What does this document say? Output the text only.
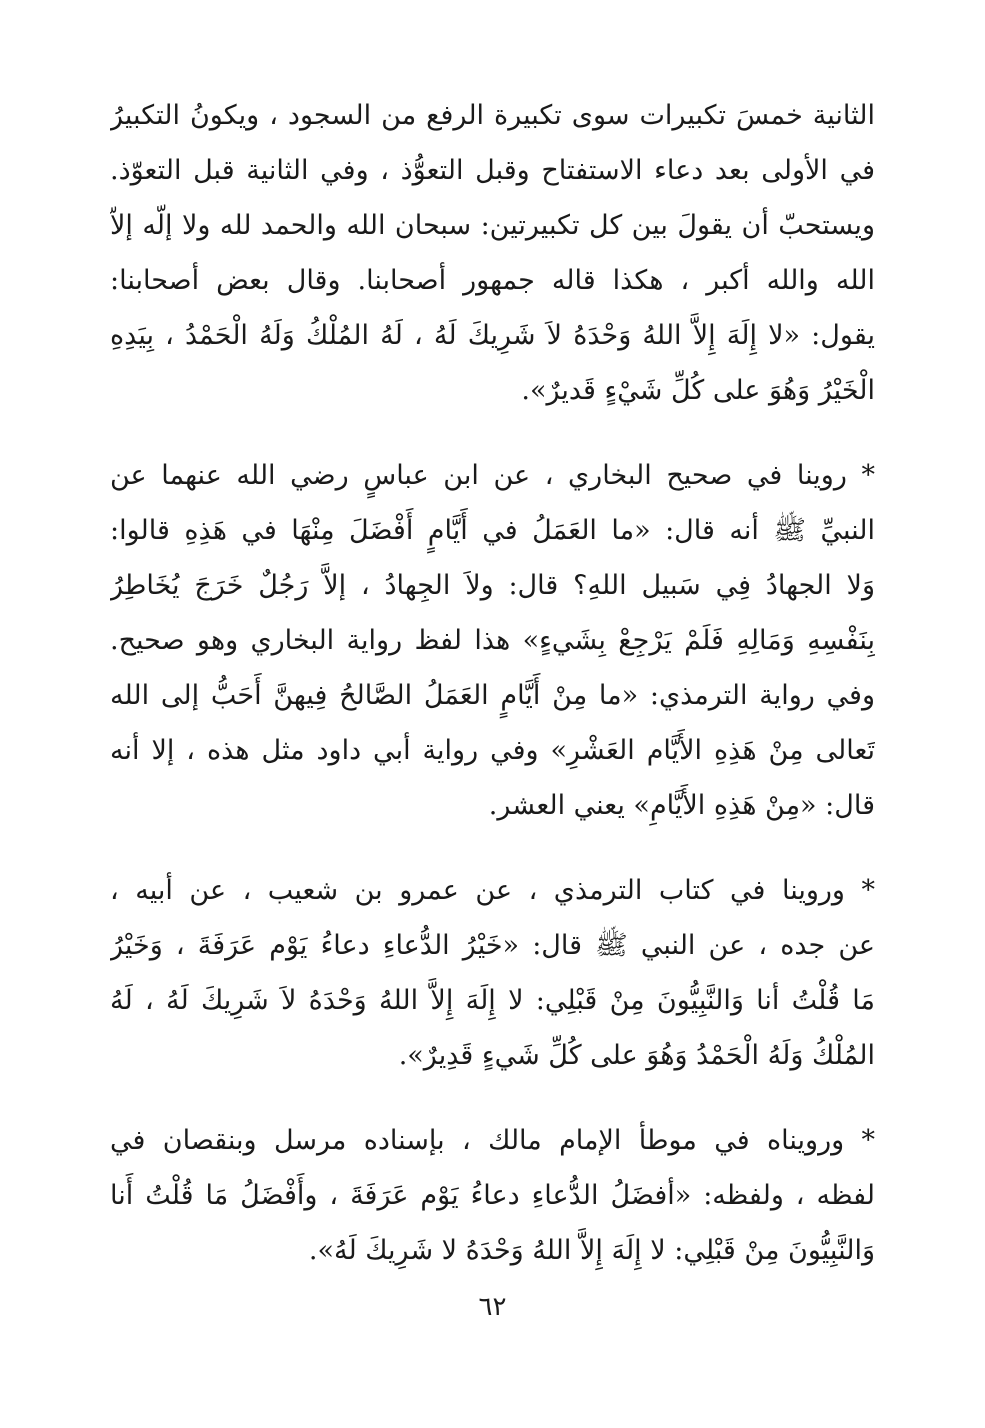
الثانية خمسَ تكبيرات سوى تكبيرة الرفع من السجود ، ويكونُ التكبيرُ
في الأولى بعد دعاء الاستفتاح وقبل التعوُّذ ، وفي الثانية قبل التعوّذ.
ويستحبّ أن يقولَ بين كل تكبيرتين: سبحان الله والحمد لله ولا إلّه إلاّ
الله والله أكبر ، هكذا قاله جمهور أصحابنا. وقال بعض أصحابنا:
يقول: «لا إِلَهَ إِلاَّ اللهُ وَحْدَهُ لاَ شَرِيكَ لَهُ ، لَهُ المُلْكُ وَلَهُ الْحَمْدُ ، بِيَدِهِ
الْخَيْرُ وَهُوَ على كُلِّ شَيْءٍ قَديرٌ».

* روينا في صحيح البخاري ، عن ابن عباسٍ رضي الله عنهما عن
النبيِّ ﷺ أنه قال: «ما العَمَلُ في أَيَّامٍ أَفْضَلَ مِنْهَا في هَذِهِ قالوا:
وَلا الجهادُ فِي سَبيل اللهِ؟ قال: ولاَ الجِهادُ ، إلاَّ رَجُلٌ خَرَجَ يُخَاطِرُ
بِنَفْسِهِ وَمَالِهِ فَلَمْ يَرْجِعْ بِشَيءٍ» هذا لفظ رواية البخاري وهو صحيح.
وفي رواية الترمذي: «ما مِنْ أَيَّامٍ العَمَلُ الصَّالحُ فِيهنَّ أَحَبُّ إلى الله
تَعالى مِنْ هَذِهِ الأَيَّام العَشْرِ» وفي رواية أبي داود مثل هذه ، إلا أنه
قال: «مِنْ هَذِهِ الأَيَّامِ» يعني العشر.

* وروينا في كتاب الترمذي ، عن عمرو بن شعيب ، عن أبيه ،
عن جده ، عن النبي ﷺ قال: «خَيْرُ الدُّعاءِ دعاءُ يَوْم عَرَفَةَ ، وَخَيْرُ
مَا قُلْتُ أنا وَالنَّبِيُّونَ مِنْ قَبْلِي: لا إِلَهَ إِلاَّ اللهُ وَحْدَهُ لاَ شَرِيكَ لَهُ ، لَهُ
المُلْكُ وَلَهُ الْحَمْدُ وَهُوَ على كُلِّ شَيءٍ قَدِيرٌ».

* ورويناه في موطأ الإمام مالك ، بإسناده مرسل وبنقصان في
لفظه ، ولفظه: «أفضَلُ الدُّعاءِ دعاءُ يَوْم عَرَفَةَ ، وأَفْضَلُ مَا قُلْتُ أَنا
وَالنَّبِيُّونَ مِنْ قَبْلِي: لا إِلَهَ إِلاَّ اللهُ وَحْدَهُ لا شَرِيكَ لَهُ».

٦٢
